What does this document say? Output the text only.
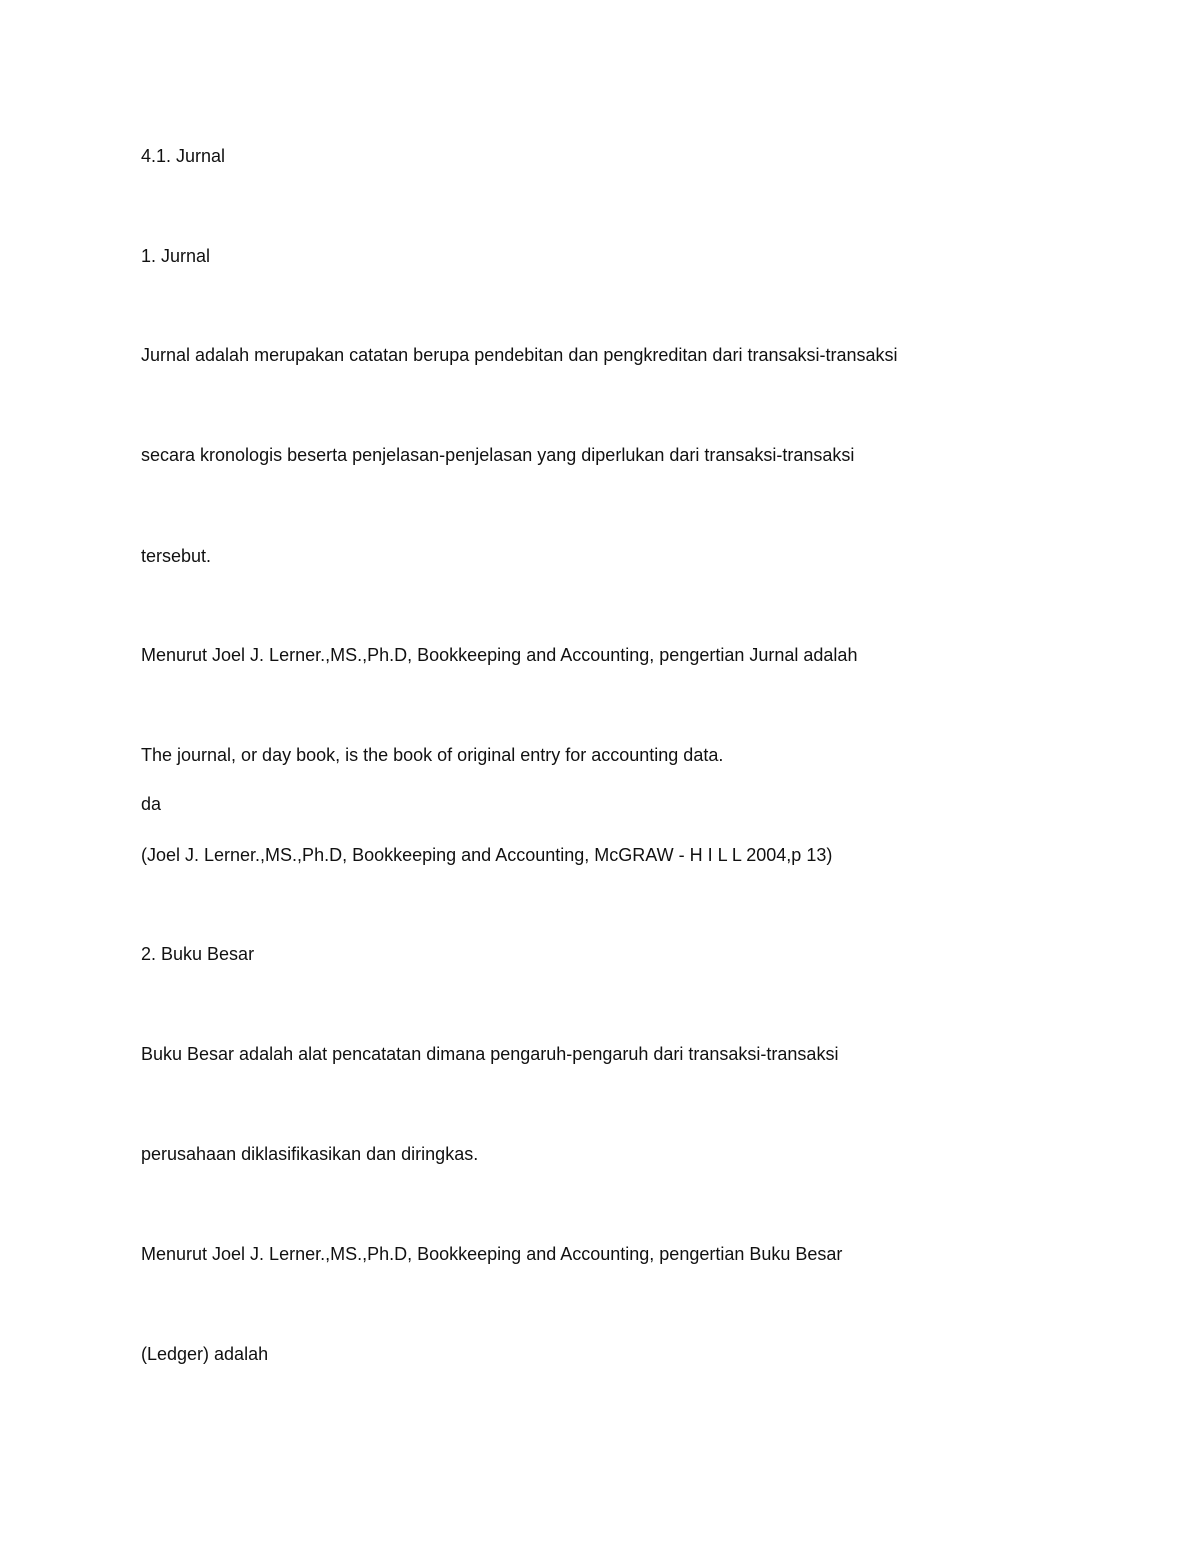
4.1. Jurnal

1. Jurnal

Jurnal adalah merupakan catatan berupa pendebitan dan pengkreditan dari transaksi-transaksi

secara kronologis beserta penjelasan-penjelasan yang diperlukan dari transaksi-transaksi

tersebut.

Menurut Joel J. Lerner.,MS.,Ph.D, Bookkeeping and Accounting, pengertian Jurnal adalah

The journal, or day book, is the book of original entry for accounting data.

da

(Joel J. Lerner.,MS.,Ph.D, Bookkeeping and Accounting, McGRAW - H I L L 2004,p 13)

2. Buku Besar

Buku Besar adalah alat pencatatan dimana pengaruh-pengaruh dari transaksi-transaksi

perusahaan diklasifikasikan dan diringkas.

Menurut Joel J. Lerner.,MS.,Ph.D, Bookkeeping and Accounting, pengertian Buku Besar

(Ledger) adalah
